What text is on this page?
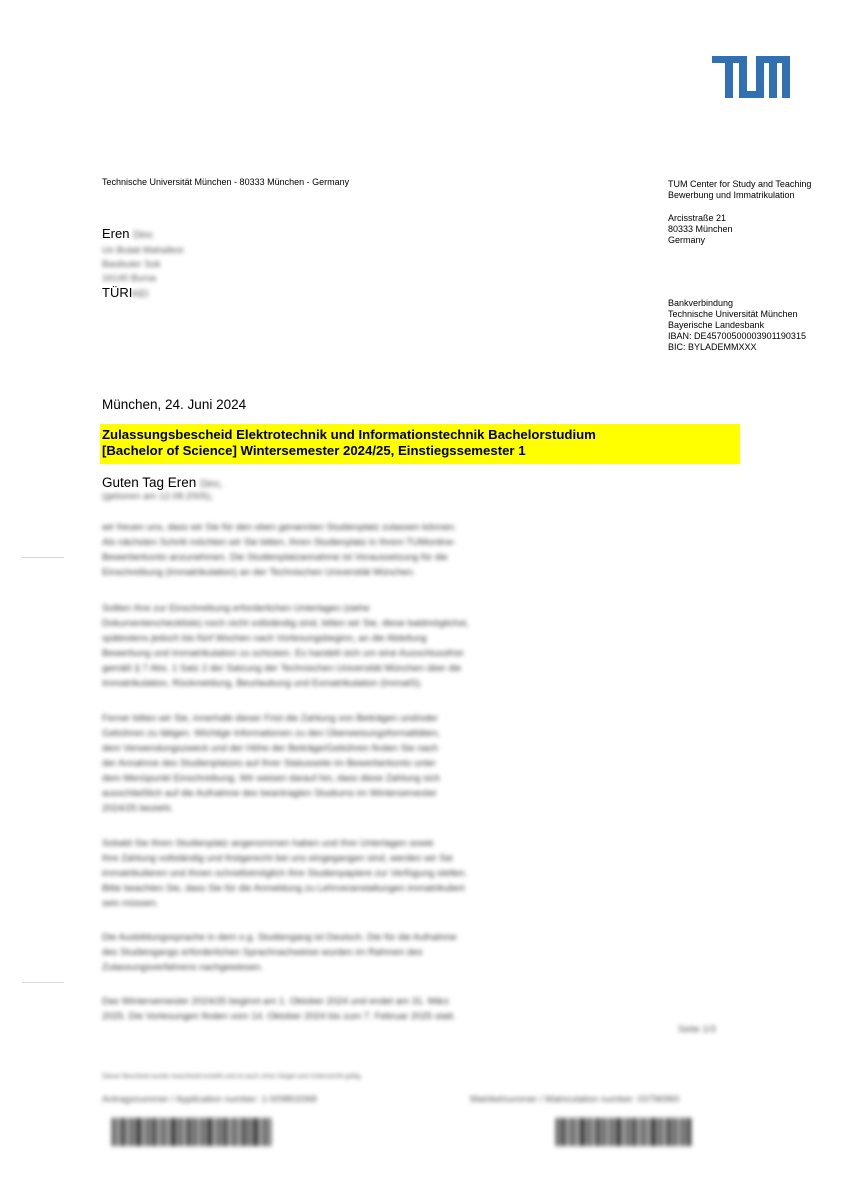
Technische Universität München - 80333 München - Germany
Eren Dinc
Un Bulati Mahallesi
Basibuler Sok
16140 Bursa
TÜRIKEI
TUM Center for Study and Teaching
Bewerbung und Immatrikulation
Arcisstraße 21
80333 München
Germany
Bankverbindung
Technische Universität München
Bayerische Landesbank
IBAN: DE45700500003901190315
BIC: BYLADEMMXXX
München, 24. Juni 2024
Zulassungsbescheid Elektrotechnik und Informationstechnik Bachelorstudium
[Bachelor of Science] Wintersemester 2024/25, Einstiegssemester 1
Guten Tag Eren Dinc,
(geboren am 12.08.2005),
wir freuen uns, dass wir Sie für den oben genannten Studienplatz zulassen können.
Als nächsten Schritt möchten wir Sie bitten, Ihren Studienplatz in Ihrem TUMonline-
Bewerberkonto anzunehmen. Die Studienplatzannahme ist Voraussetzung für die
Einschreibung (Immatrikulation) an der Technischen Universität München.
Sollten Ihre zur Einschreibung erforderlichen Unterlagen (siehe
Dokumentencheckliste) noch nicht vollständig sind, bitten wir Sie, diese baldmöglichst,
spätestens jedoch bis fünf Wochen nach Vorlesungsbeginn, an die Abteilung
Bewerbung und Immatrikulation zu schicken. Es handelt sich um eine Ausschlussfrist
gemäß § 7 Abs. 1 Satz 2 der Satzung der Technischen Universität München über die
Immatrikulation, Rückmeldung, Beurlaubung und Exmatrikulation (ImmatS).
Ferner bitten wir Sie, innerhalb dieser Frist die Zahlung von Beiträgen und/oder
Gebühren zu tätigen. Wichtige Informationen zu den Überweisungsformalitäten,
dem Verwendungszweck und der Höhe der Beiträge/Gebühren finden Sie nach
der Annahme des Studienplatzes auf Ihrer Statusseite im Bewerberkonto unter
dem Menüpunkt Einschreibung. Wir weisen darauf hin, dass diese Zahlung sich
ausschließlich auf die Aufnahme des beantragten Studiums im Wintersemester
2024/25 bezieht.
Sobald Sie Ihren Studienplatz angenommen haben und Ihre Unterlagen sowie
Ihre Zahlung vollständig und fristgerecht bei uns eingegangen sind, werden wir Sie
immatrikulieren und Ihnen schnellstmöglich Ihre Studienpapiere zur Verfügung stellen.
Bitte beachten Sie, dass Sie für die Anmeldung zu Lehrveranstaltungen immatrikuliert
sein müssen.
Die Ausbildungssprache in dem o.g. Studiengang ist Deutsch. Die für die Aufnahme
des Studiengangs erforderlichen Sprachnachweise wurden im Rahmen des
Zulassungsverfahrens nachgewiesen.
Das Wintersemester 2024/25 beginnt am 1. Oktober 2024 und endet am 31. März
2025. Die Vorlesungen finden vom 14. Oktober 2024 bis zum 7. Februar 2025 statt.
Seite 1/3
Dieser Bescheid wurde maschinell erstellt und ist auch ohne Siegel und Unterschrift gültig.
Antragsnummer / Application number: 1-009802068	Matrikelnummer / Matriculation number: 03796960
